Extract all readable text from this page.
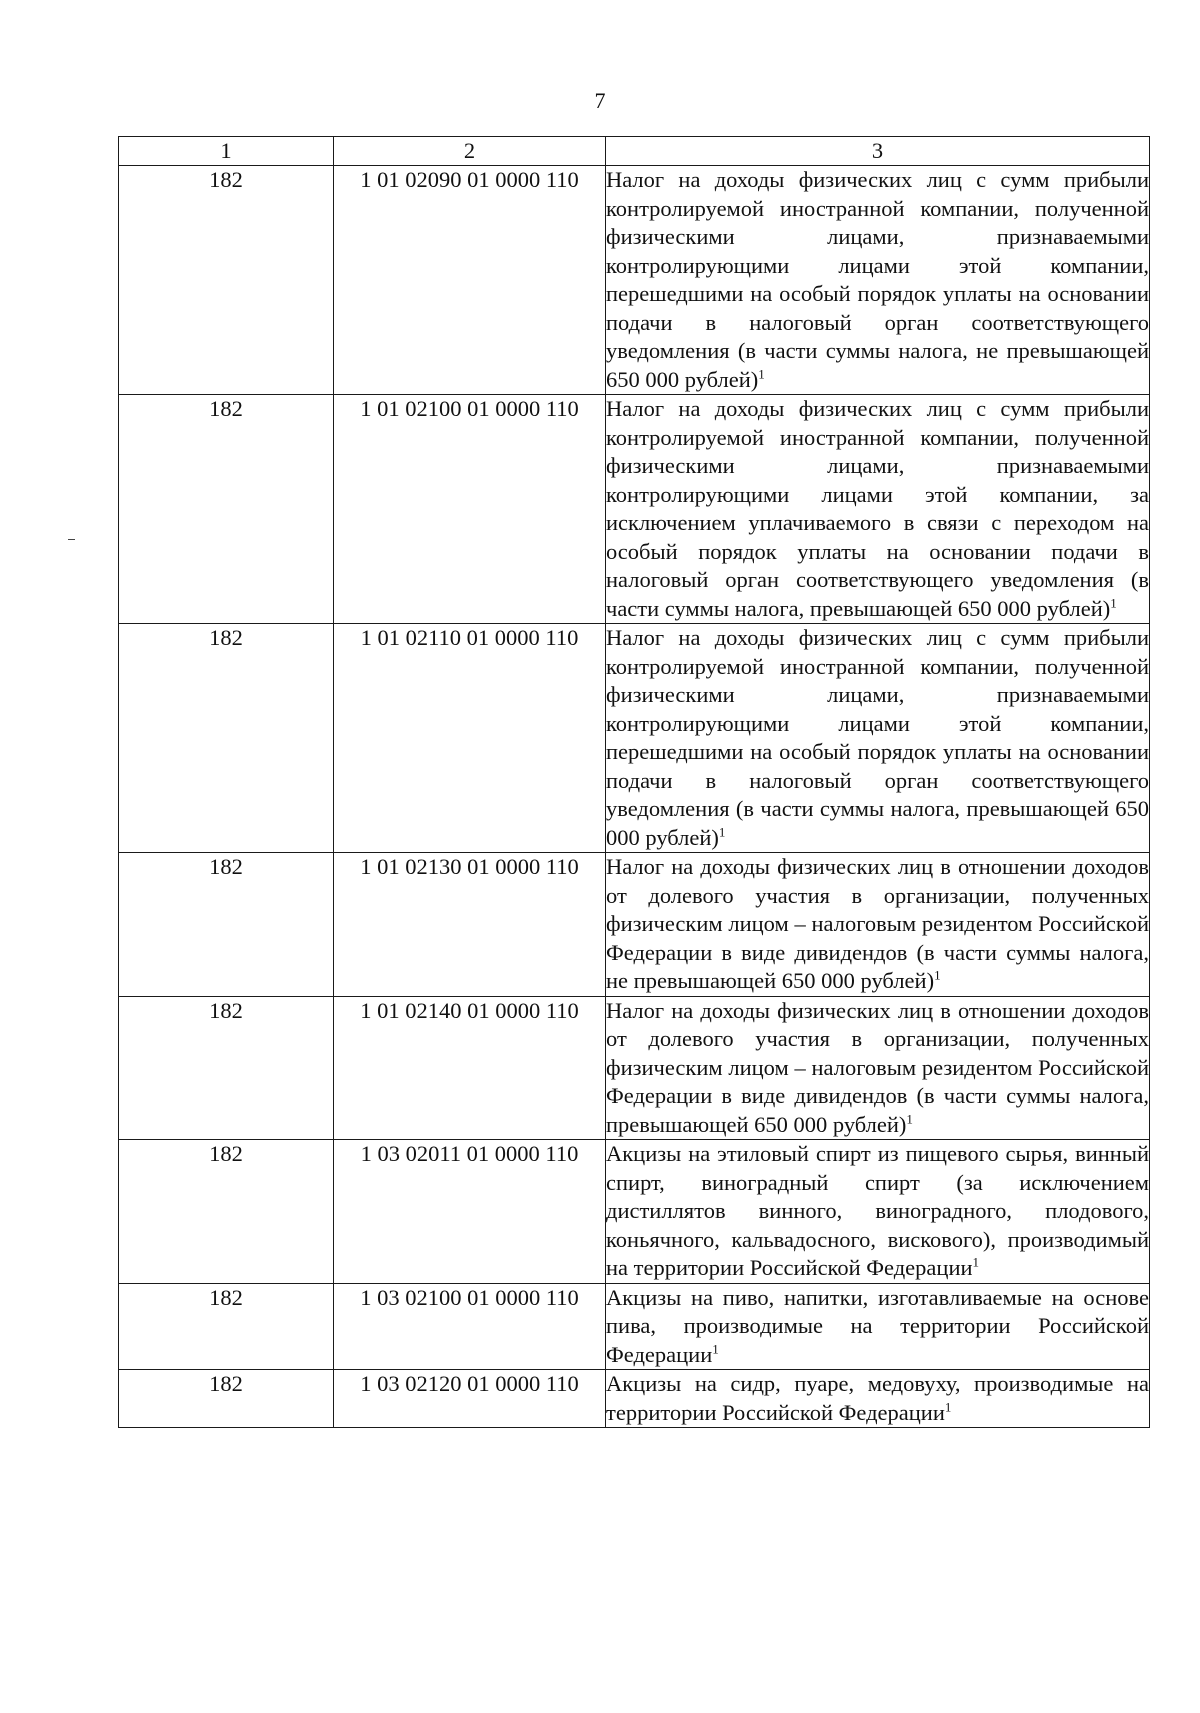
7
1	2	3
182	1 01 02090 01 0000 110	Налог на доходы физических лиц с сумм прибыли контролируемой иностранной компании, полученной физическими лицами, признаваемыми контролирующими лицами этой компании, перешедшими на особый порядок уплаты на основании подачи в налоговый орган соответствующего уведомления (в части суммы налога, не превышающей 650 000 рублей)$^1$
182	1 01 02100 01 0000 110	Налог на доходы физических лиц с сумм прибыли контролируемой иностранной компании, полученной физическими лицами, признаваемыми контролирующими лицами этой компании, за исключением уплачиваемого в связи с переходом на особый порядок уплаты на основании подачи в налоговый орган соответствующего уведомления (в части суммы налога, превышающей 650 000 рублей)$^1$
182	1 01 02110 01 0000 110	Налог на доходы физических лиц с сумм прибыли контролируемой иностранной компании, полученной физическими лицами, признаваемыми контролирующими лицами этой компании, перешедшими на особый порядок уплаты на основании подачи в налоговый орган соответствующего уведомления (в части суммы налога, превышающей 650 000 рублей)$^1$
182	1 01 02130 01 0000 110	Налог на доходы физических лиц в отношении доходов от долевого участия в организации, полученных физическим лицом – налоговым резидентом Российской Федерации в виде дивидендов (в части суммы налога, не превышающей 650 000 рублей)$^1$
182	1 01 02140 01 0000 110	Налог на доходы физических лиц в отношении доходов от долевого участия в организации, полученных физическим лицом – налоговым резидентом Российской Федерации в виде дивидендов (в части суммы налога, превышающей 650 000 рублей)$^1$
182	1 03 02011 01 0000 110	Акцизы на этиловый спирт из пищевого сырья, винный спирт, виноградный спирт (за исключением дистиллятов винного, виноградного, плодового, коньячного, кальвадосного, вискового), производимый на территории Российской Федерации$^1$
182	1 03 02100 01 0000 110	Акцизы на пиво, напитки, изготавливаемые на основе пива, производимые на территории Российской Федерации$^1$
182	1 03 02120 01 0000 110	Акцизы на сидр, пуаре, медовуху, производимые на территории Российской Федерации$^1$
